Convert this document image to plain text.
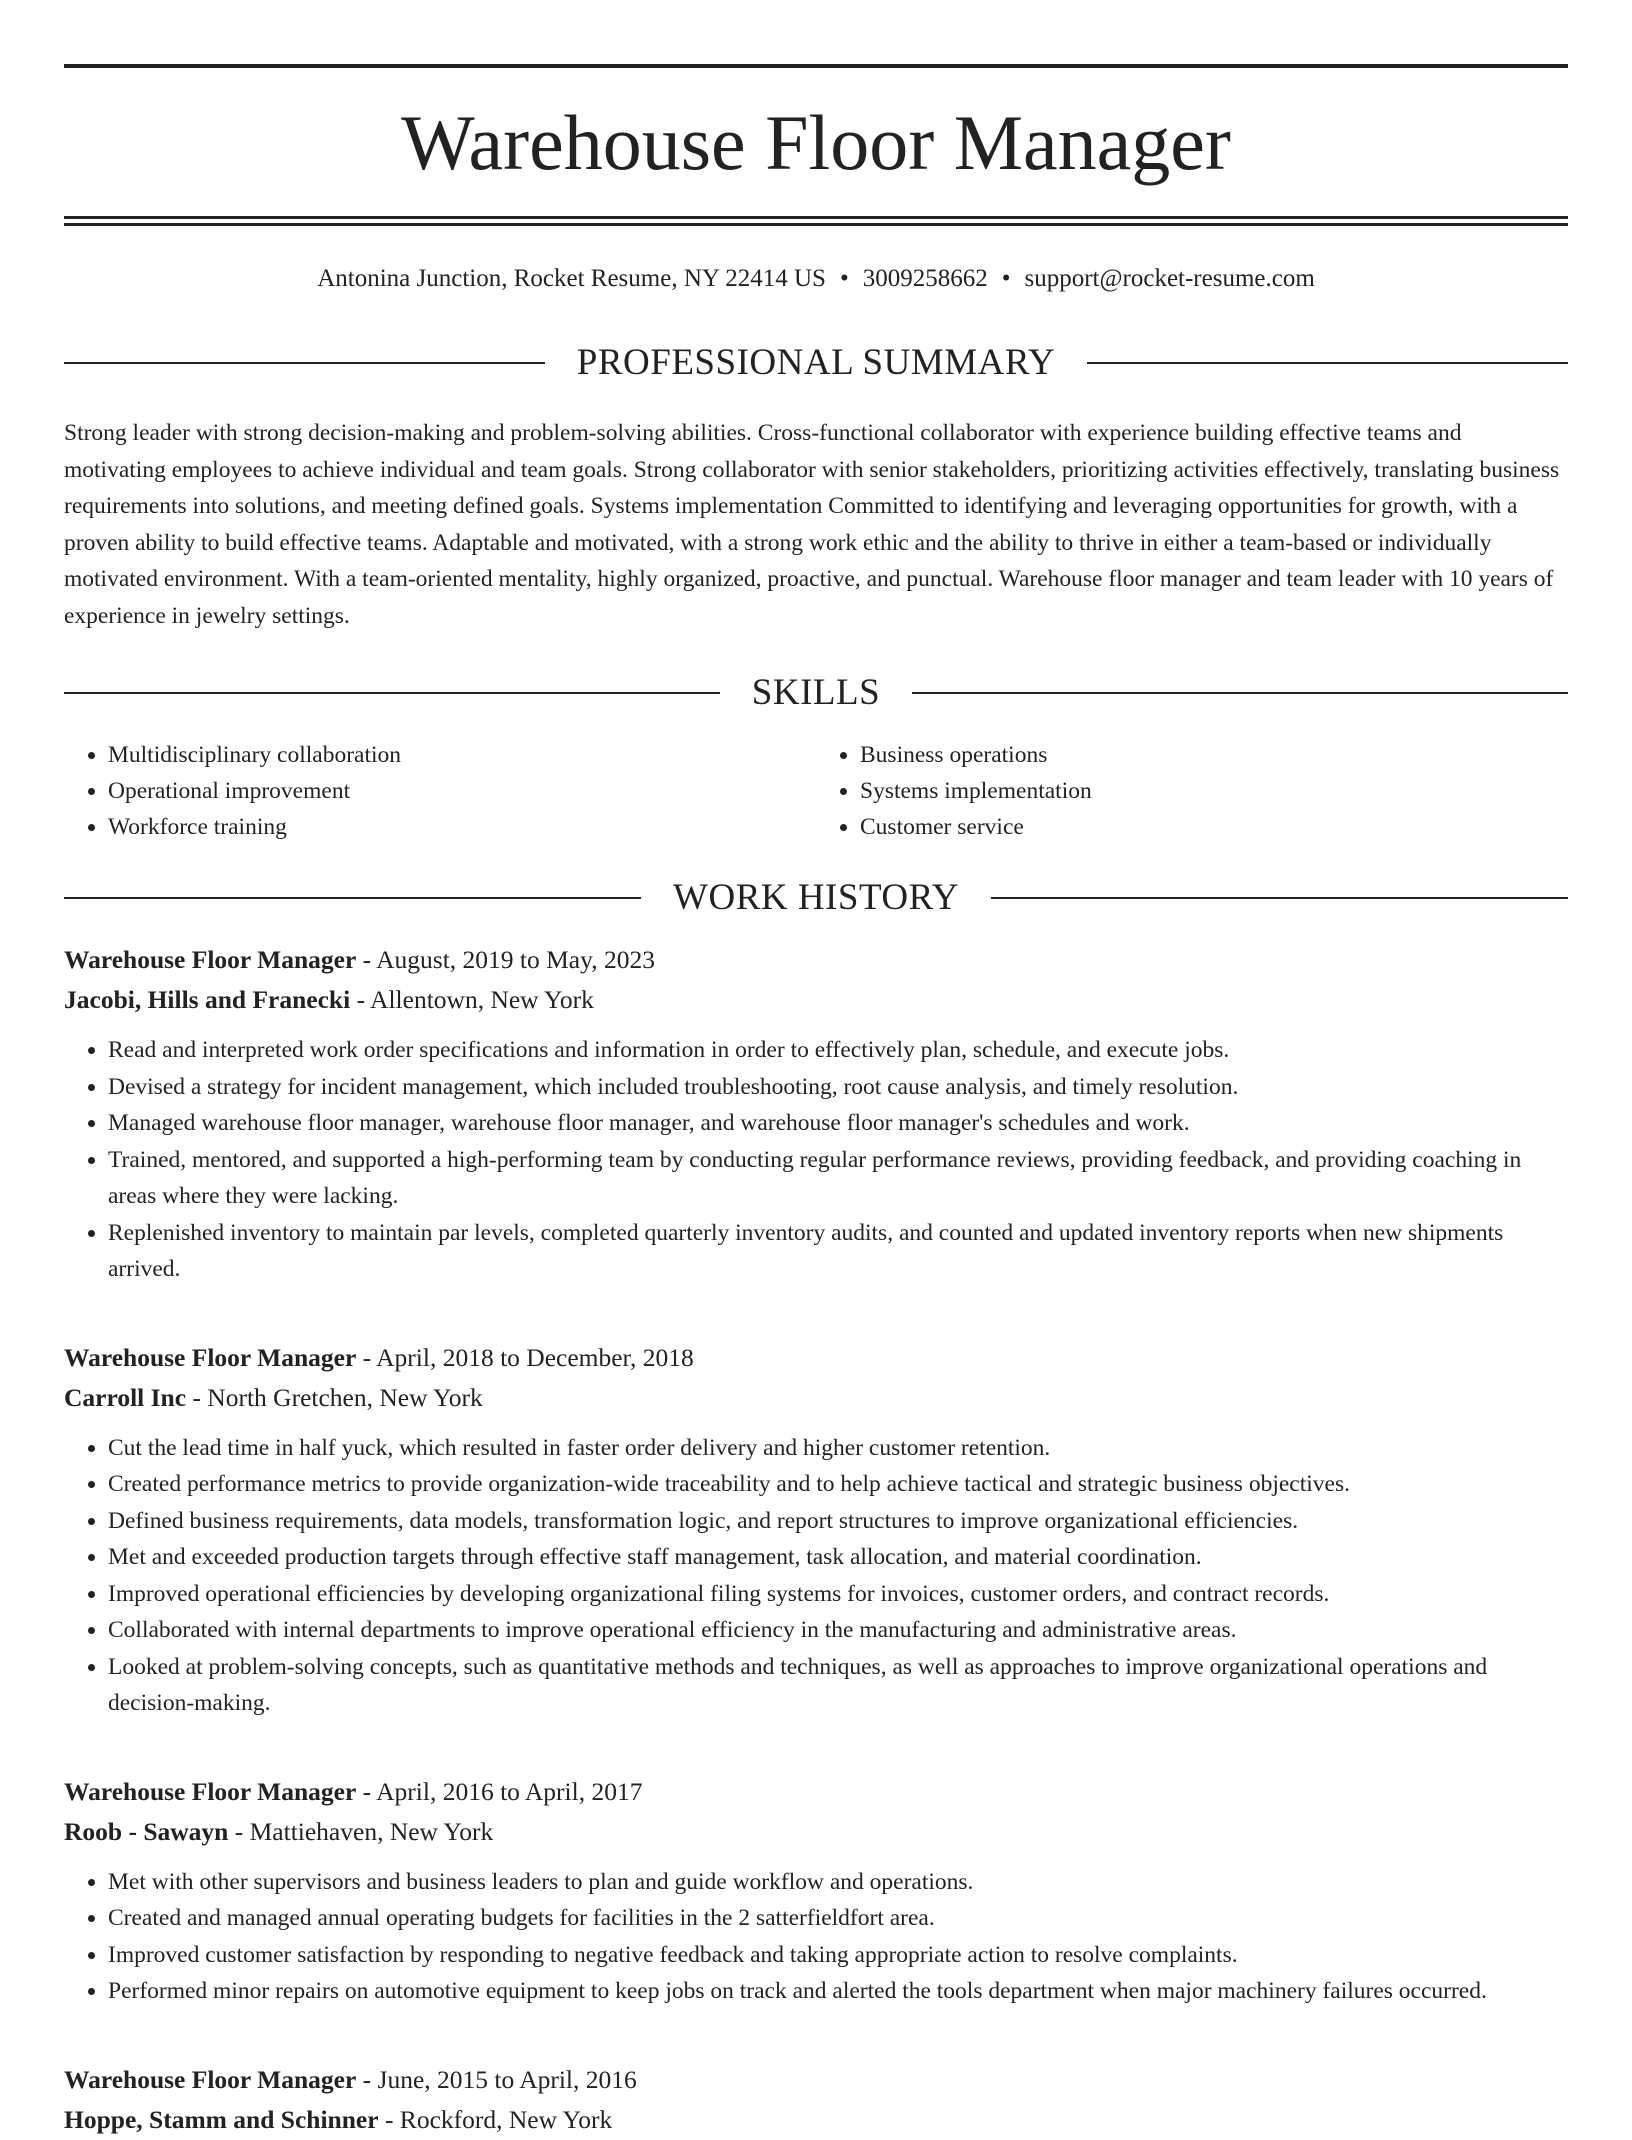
Warehouse Floor Manager
Antonina Junction, Rocket Resume, NY 22414 US • 3009258662 • support@rocket-resume.com
PROFESSIONAL SUMMARY
Strong leader with strong decision-making and problem-solving abilities. Cross-functional collaborator with experience building effective teams and motivating employees to achieve individual and team goals. Strong collaborator with senior stakeholders, prioritizing activities effectively, translating business requirements into solutions, and meeting defined goals. Systems implementation Committed to identifying and leveraging opportunities for growth, with a proven ability to build effective teams. Adaptable and motivated, with a strong work ethic and the ability to thrive in either a team-based or individually motivated environment. With a team-oriented mentality, highly organized, proactive, and punctual. Warehouse floor manager and team leader with 10 years of experience in jewelry settings.
SKILLS
• Multidisciplinary collaboration
• Operational improvement
• Workforce training
• Business operations
• Systems implementation
• Customer service
WORK HISTORY
Warehouse Floor Manager - August, 2019 to May, 2023
Jacobi, Hills and Franecki - Allentown, New York
• Read and interpreted work order specifications and information in order to effectively plan, schedule, and execute jobs.
• Devised a strategy for incident management, which included troubleshooting, root cause analysis, and timely resolution.
• Managed warehouse floor manager, warehouse floor manager, and warehouse floor manager's schedules and work.
• Trained, mentored, and supported a high-performing team by conducting regular performance reviews, providing feedback, and providing coaching in areas where they were lacking.
• Replenished inventory to maintain par levels, completed quarterly inventory audits, and counted and updated inventory reports when new shipments arrived.
Warehouse Floor Manager - April, 2018 to December, 2018
Carroll Inc - North Gretchen, New York
• Cut the lead time in half yuck, which resulted in faster order delivery and higher customer retention.
• Created performance metrics to provide organization-wide traceability and to help achieve tactical and strategic business objectives.
• Defined business requirements, data models, transformation logic, and report structures to improve organizational efficiencies.
• Met and exceeded production targets through effective staff management, task allocation, and material coordination.
• Improved operational efficiencies by developing organizational filing systems for invoices, customer orders, and contract records.
• Collaborated with internal departments to improve operational efficiency in the manufacturing and administrative areas.
• Looked at problem-solving concepts, such as quantitative methods and techniques, as well as approaches to improve organizational operations and decision-making.
Warehouse Floor Manager - April, 2016 to April, 2017
Roob - Sawayn - Mattiehaven, New York
• Met with other supervisors and business leaders to plan and guide workflow and operations.
• Created and managed annual operating budgets for facilities in the 2 satterfieldfort area.
• Improved customer satisfaction by responding to negative feedback and taking appropriate action to resolve complaints.
• Performed minor repairs on automotive equipment to keep jobs on track and alerted the tools department when major machinery failures occurred.
Warehouse Floor Manager - June, 2015 to April, 2016
Hoppe, Stamm and Schinner - Rockford, New York
